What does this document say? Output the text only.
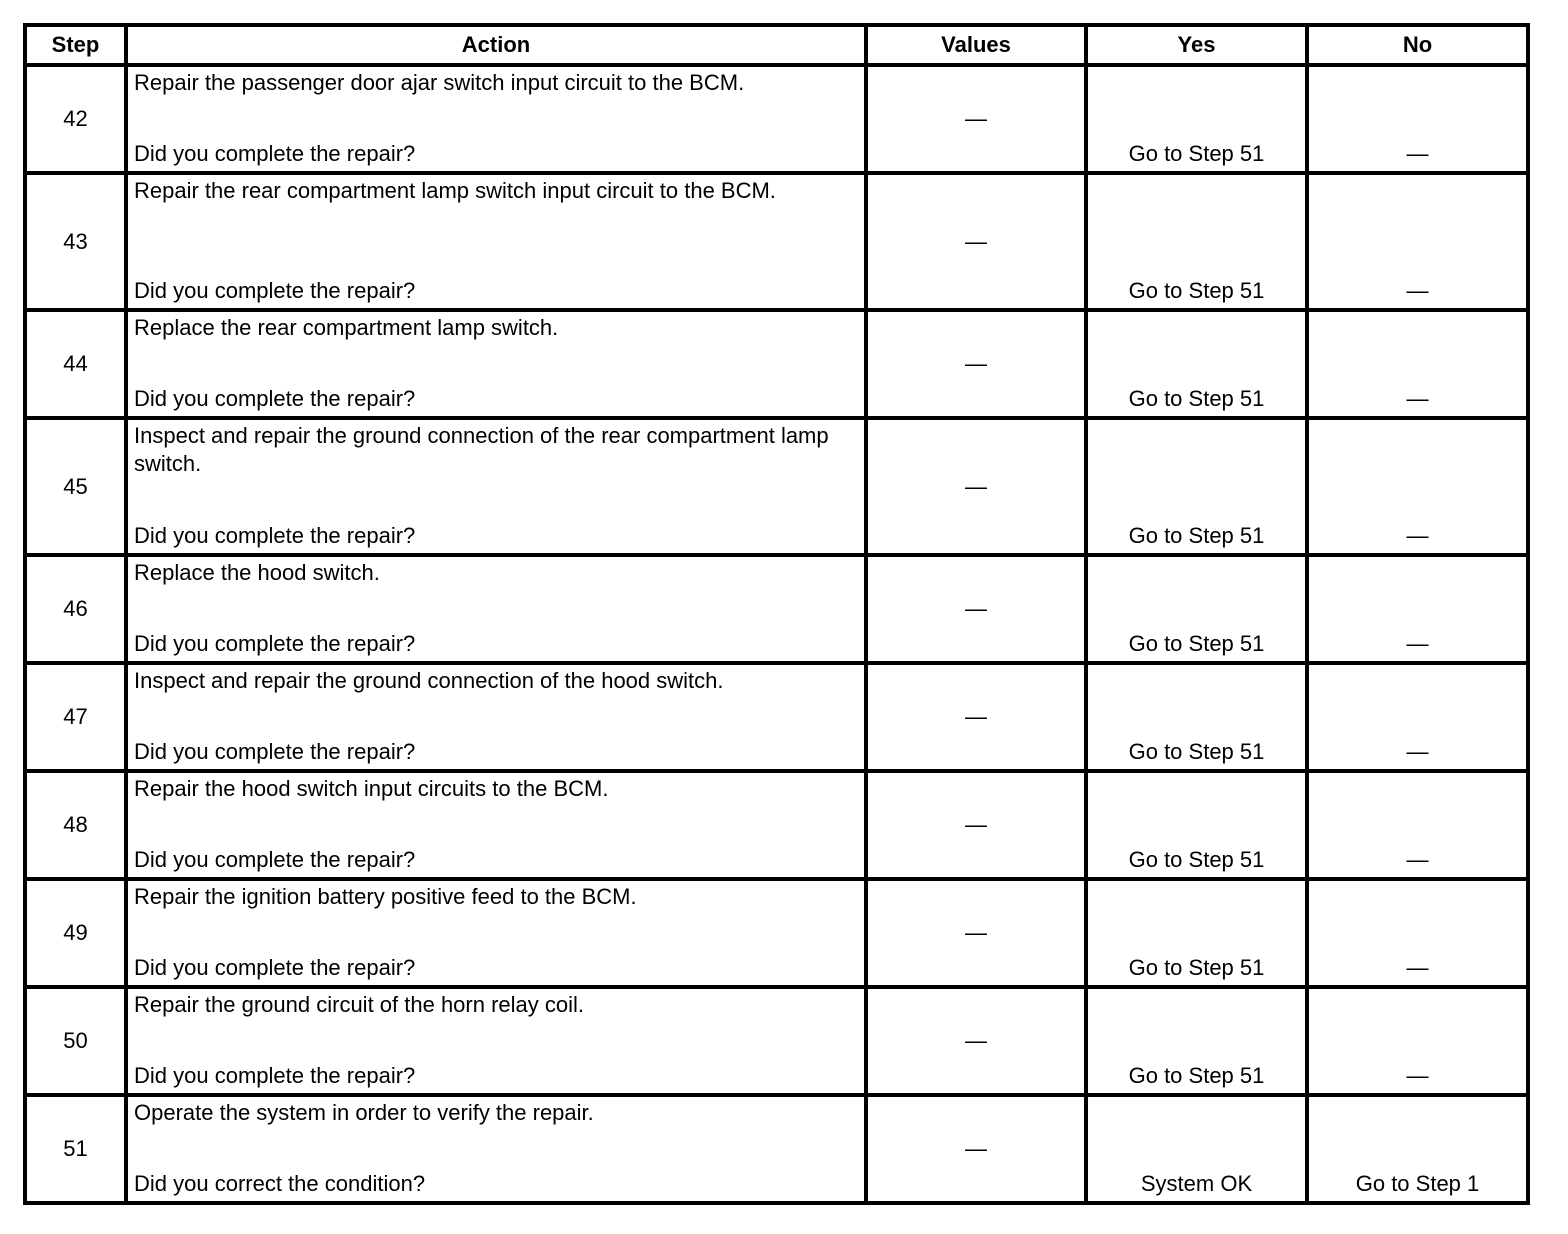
Step	Action	Values	Yes	No
42	Repair the passenger door ajar switch input circuit to the BCM.
Did you complete the repair?	—	Go to Step 51	—
43	Repair the rear compartment lamp switch input circuit to the BCM.
Did you complete the repair?	—	Go to Step 51	—
44	Replace the rear compartment lamp switch.
Did you complete the repair?	—	Go to Step 51	—
45	Inspect and repair the ground connection of the rear compartment lamp switch.
Did you complete the repair?	—	Go to Step 51	—
46	Replace the hood switch.
Did you complete the repair?	—	Go to Step 51	—
47	Inspect and repair the ground connection of the hood switch.
Did you complete the repair?	—	Go to Step 51	—
48	Repair the hood switch input circuits to the BCM.
Did you complete the repair?	—	Go to Step 51	—
49	Repair the ignition battery positive feed to the BCM.
Did you complete the repair?	—	Go to Step 51	—
50	Repair the ground circuit of the horn relay coil.
Did you complete the repair?	—	Go to Step 51	—
51	Operate the system in order to verify the repair.
Did you correct the condition?	—	System OK	Go to Step 1
